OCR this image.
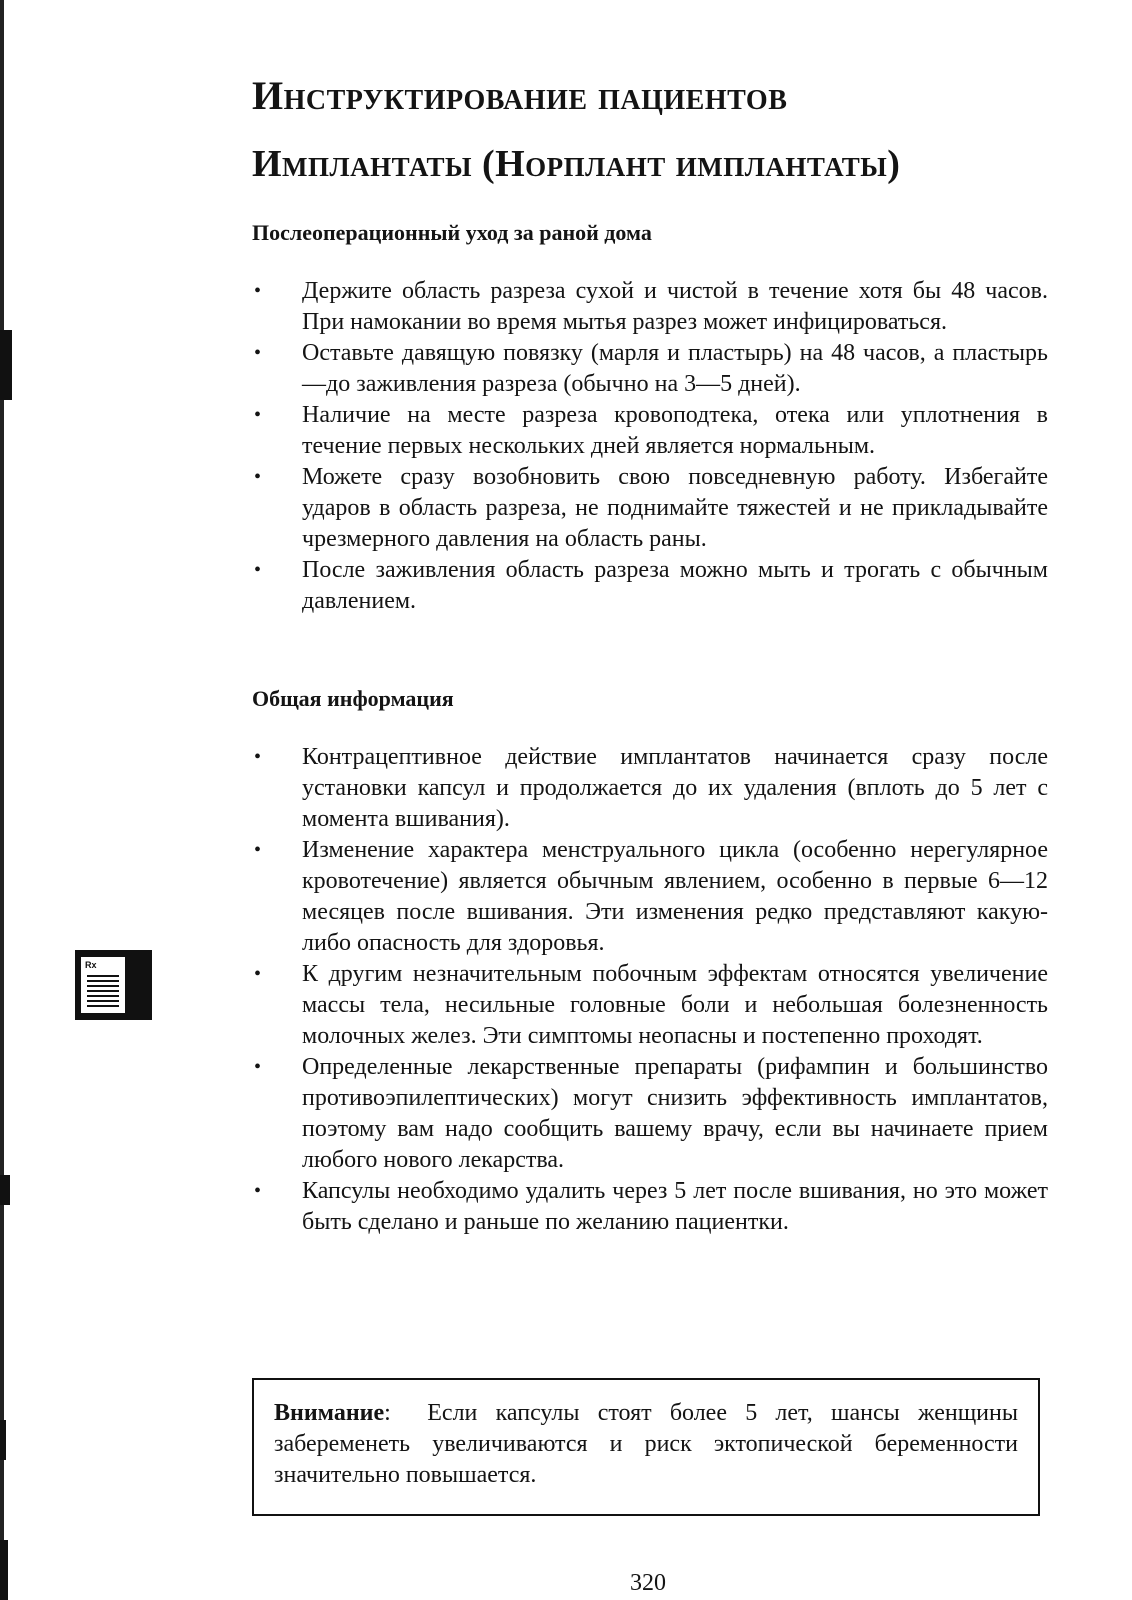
Инструктирование пациентов
Имплантаты (Норплант имплантаты)
Послеоперационный уход за раной дома
• Держите область разреза сухой и чистой в течение хотя бы 48 часов. При намокании во время мытья разрез может инфицироваться.
• Оставьте давящую повязку (марля и пластырь) на 48 часов, а пластырь—до заживления разреза (обычно на 3—5 дней).
• Наличие на месте разреза кровоподтека, отека или уплотнения в течение первых нескольких дней является нормальным.
• Можете сразу возобновить свою повседневную работу. Избегайте ударов в область разреза, не поднимайте тяжестей и не прикладывайте чрезмерного давления на область раны.
• После заживления область разреза можно мыть и трогать с обычным давлением.
Общая информация
• Контрацептивное действие имплантатов начинается сразу после установки капсул и продолжается до их удаления (вплоть до 5 лет с момента вшивания).
• Изменение характера менструального цикла (особенно нерегулярное кровотечение) является обычным явлением, особенно в первые 6—12 месяцев после вшивания. Эти изменения редко представляют какую-либо опасность для здоровья.
• К другим незначительным побочным эффектам относятся увеличение массы тела, несильные головные боли и небольшая болезненность молочных желез. Эти симптомы неопасны и постепенно проходят.
• Определенные лекарственные препараты (рифампин и большинство противоэпилептических) могут снизить эффективность имплантатов, поэтому вам надо сообщить вашему врачу, если вы начинаете прием любого нового лекарства.
• Капсулы необходимо удалить через 5 лет после вшивания, но это может быть сделано и раньше по желанию пациентки.
Rx
Внимание:  Если капсулы стоят более 5 лет, шансы женщины забеременеть увеличиваются и риск эктопической беременности значительно повышается.
320
